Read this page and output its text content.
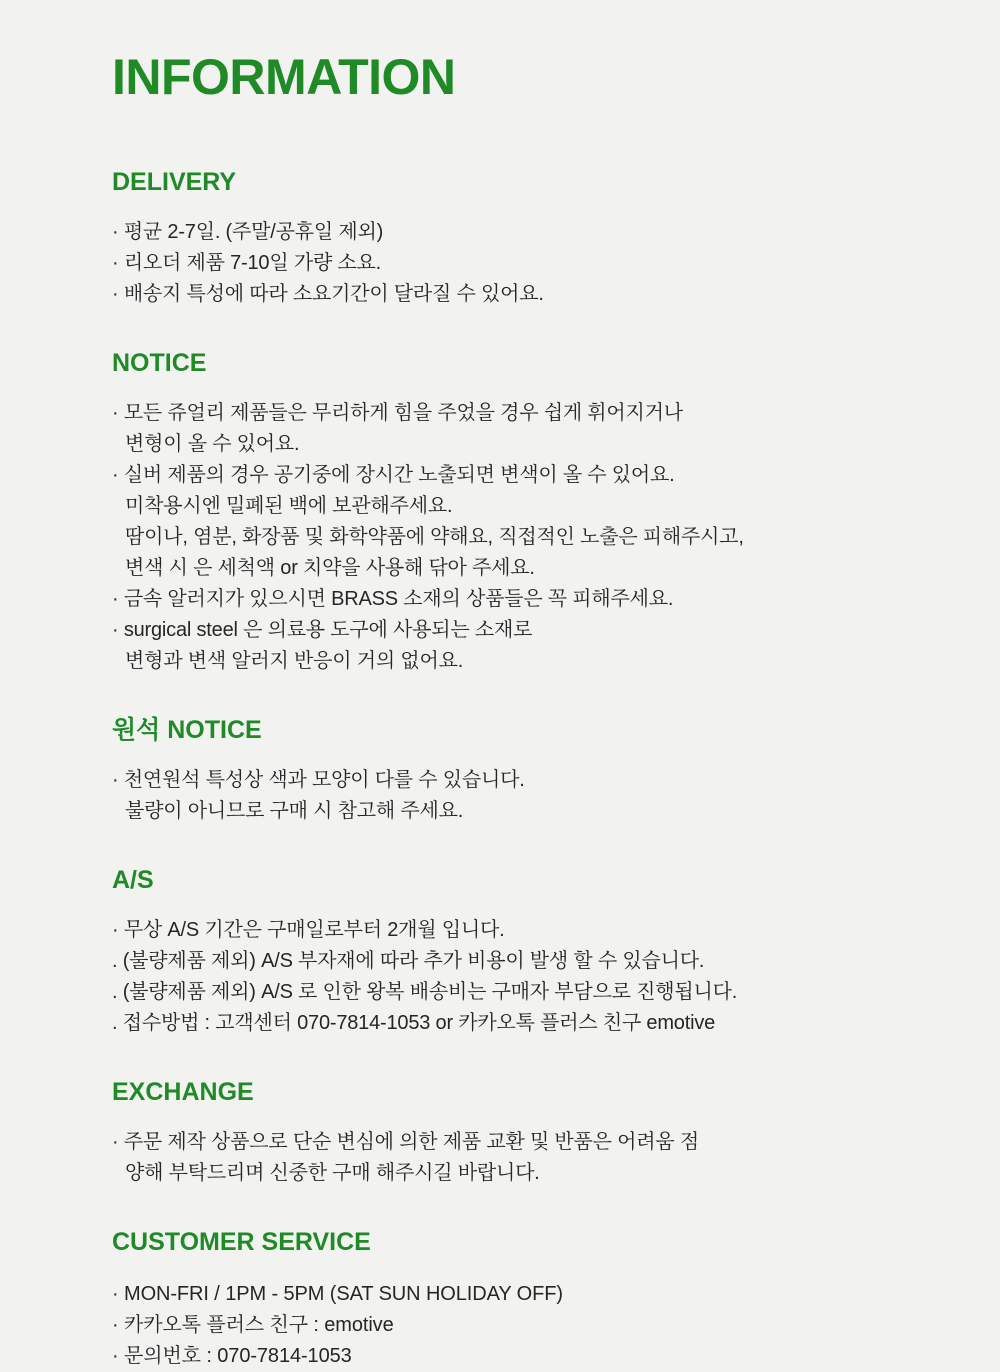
INFORMATION
DELIVERY

· 평균 2-7일. (주말/공휴일 제외)

· 리오더 제품 7-10일 가량 소요.

· 배송지 특성에 따라 소요기간이 달라질 수 있어요.

NOTICE

· 모든 쥬얼리 제품들은 무리하게 힘을 주었을 경우 쉽게 휘어지거나

변형이 올 수 있어요.

· 실버 제품의 경우 공기중에 장시간 노출되면 변색이 올 수 있어요.

미착용시엔 밀폐된 백에 보관해주세요.

땀이나, 염분, 화장품 및 화학약품에 약해요, 직접적인 노출은 피해주시고,

변색 시 은 세척액 or 치약을 사용해 닦아 주세요.

· 금속 알러지가 있으시면 BRASS 소재의 상품들은 꼭 피해주세요.

· surgical steel 은 의료용 도구에 사용되는 소재로

변형과 변색 알러지 반응이 거의 없어요.

원석 NOTICE

· 천연원석 특성상 색과 모양이 다를 수 있습니다.

불량이 아니므로 구매 시 참고해 주세요.

A/S

· 무상 A/S 기간은 구매일로부터 2개월 입니다.

. (불량제품 제외) A/S 부자재에 따라 추가 비용이 발생 할 수 있습니다.

. (불량제품 제외) A/S 로 인한 왕복 배송비는 구매자 부담으로 진행됩니다.

. 접수방법 : 고객센터 070-7814-1053 or 카카오톡 플러스 친구 emotive

EXCHANGE

· 주문 제작 상품으로 단순 변심에 의한 제품 교환 및 반품은 어려움 점

양해 부탁드리며 신중한 구매 해주시길 바랍니다.

CUSTOMER SERVICE

· MON-FRI / 1PM - 5PM (SAT SUN HOLIDAY OFF)

· 카카오톡 플러스 친구 : emotive

· 문의번호 : 070-7814-1053
